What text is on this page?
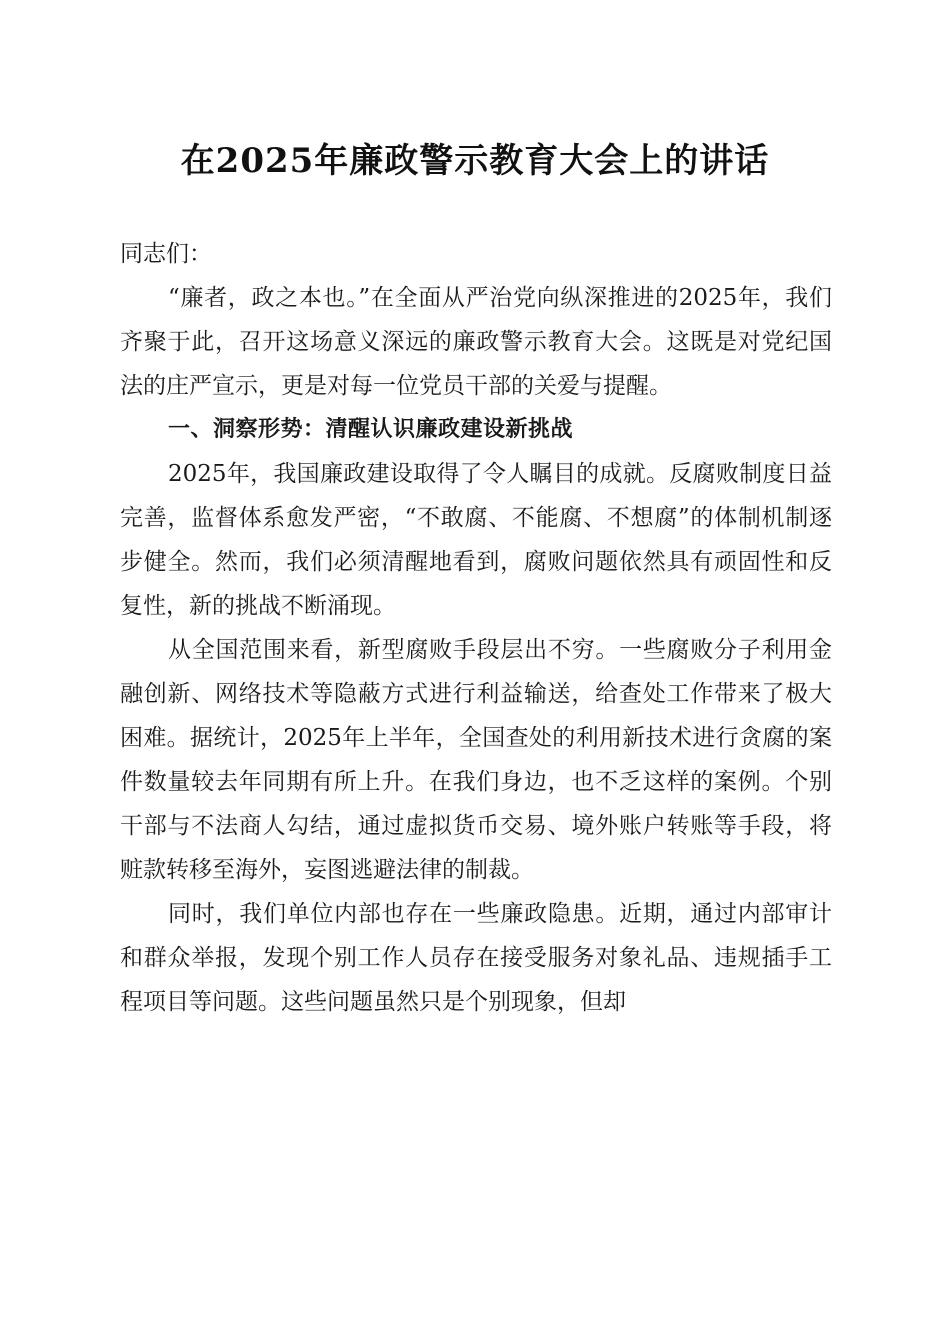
在2025年廉政警示教育大会上的讲话

同志们：

“廉者，政之本也。”在全面从严治党向纵深推进的2025年，我们齐聚于此，召开这场意义深远的廉政警示教育大会。这既是对党纪国法的庄严宣示，更是对每一位党员干部的关爱与提醒。

一、洞察形势：清醒认识廉政建设新挑战

2025年，我国廉政建设取得了令人瞩目的成就。反腐败制度日益完善，监督体系愈发严密，“不敢腐、不能腐、不想腐”的体制机制逐步健全。然而，我们必须清醒地看到，腐败问题依然具有顽固性和反复性，新的挑战不断涌现。

从全国范围来看，新型腐败手段层出不穷。一些腐败分子利用金融创新、网络技术等隐蔽方式进行利益输送，给查处工作带来了极大困难。据统计，2025年上半年，全国查处的利用新技术进行贪腐的案件数量较去年同期有所上升。在我们身边，也不乏这样的案例。个别干部与不法商人勾结，通过虚拟货币交易、境外账户转账等手段，将赃款转移至海外，妄图逃避法律的制裁。

同时，我们单位内部也存在一些廉政隐患。近期，通过内部审计和群众举报，发现个别工作人员存在接受服务对象礼品、违规插手工程项目等问题。这些问题虽然只是个别现象，但却
